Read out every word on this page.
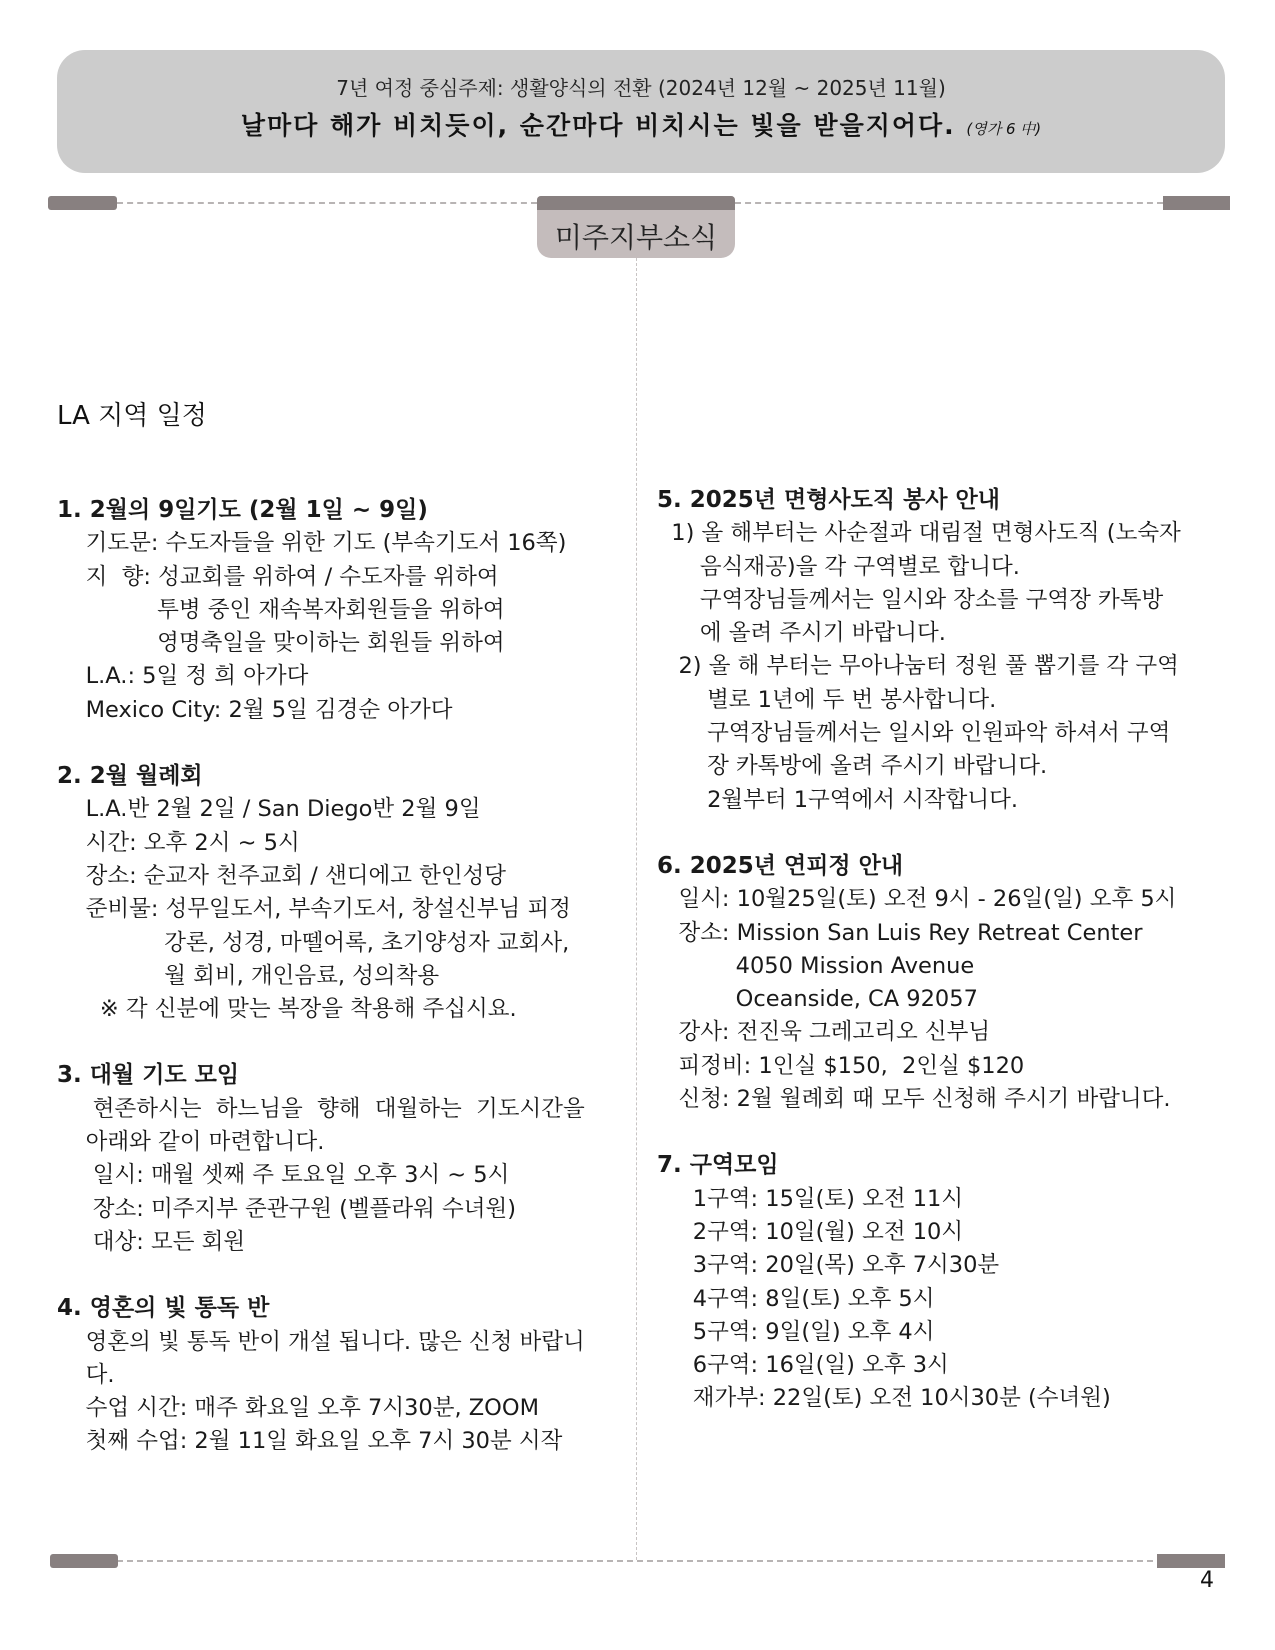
7년 여정 중심주제: 생활양식의 전환 (2024년 12월 ~ 2025년 11월)
날마다 해가 비치듯이, 순간마다 비치시는 빛을 받을지어다. (영가 6 中)
미주지부소식
LA 지역 일정
1. 2월의 9일기도 (2월 1일 ~ 9일)
기도문: 수도자들을 위한 기도 (부속기도서 16쪽)
지  향: 성교회를 위하여 / 수도자를 위하여
투병 중인 재속복자회원들을 위하여
영명축일을 맞이하는 회원들 위하여
L.A.: 5일 정 희 아가다
Mexico City: 2월 5일 김경순 아가다
2. 2월 월례회
L.A.반 2월 2일 / San Diego반 2월 9일
시간: 오후 2시 ~ 5시
장소: 순교자 천주교회 / 샌디에고 한인성당
준비물: 성무일도서, 부속기도서, 창설신부님 피정
강론, 성경, 마뗄어록, 초기양성자 교회사,
월 회비, 개인음료, 성의착용
※ 각 신분에 맞는 복장을 착용해 주십시요.
3. 대월 기도 모임
현존하시는  하느님을  향해  대월하는  기도시간을
아래와 같이 마련합니다.
일시: 매월 셋째 주 토요일 오후 3시 ~ 5시
장소: 미주지부 준관구원 (벨플라워 수녀원)
대상: 모든 회원
4. 영혼의 빛 통독 반
영혼의 빛 통독 반이 개설 됩니다. 많은 신청 바랍니
다.
수업 시간: 매주 화요일 오후 7시30분, ZOOM
첫째 수업: 2월 11일 화요일 오후 7시 30분 시작
5. 2025년 면형사도직 봉사 안내
1) 올 해부터는 사순절과 대림절 면형사도직 (노숙자
음식재공)을 각 구역별로 합니다.
구역장님들께서는 일시와 장소를 구역장 카톡방
에 올려 주시기 바랍니다.
2) 올 해 부터는 무아나눔터 정원 풀 뽑기를 각 구역
별로 1년에 두 번 봉사합니다.
구역장님들께서는 일시와 인원파악 하셔서 구역
장 카톡방에 올려 주시기 바랍니다.
2월부터 1구역에서 시작합니다.
6. 2025년 연피정 안내
일시: 10월25일(토) 오전 9시 - 26일(일) 오후 5시
장소: Mission San Luis Rey Retreat Center
4050 Mission Avenue
Oceanside, CA 92057
강사: 전진욱 그레고리오 신부님
피정비: 1인실 $150,  2인실 $120
신청: 2월 월례회 때 모두 신청해 주시기 바랍니다.
7. 구역모임
1구역: 15일(토) 오전 11시
2구역: 10일(월) 오전 10시
3구역: 20일(목) 오후 7시30분
4구역: 8일(토) 오후 5시
5구역: 9일(일) 오후 4시
6구역: 16일(일) 오후 3시
재가부: 22일(토) 오전 10시30분 (수녀원)
4
